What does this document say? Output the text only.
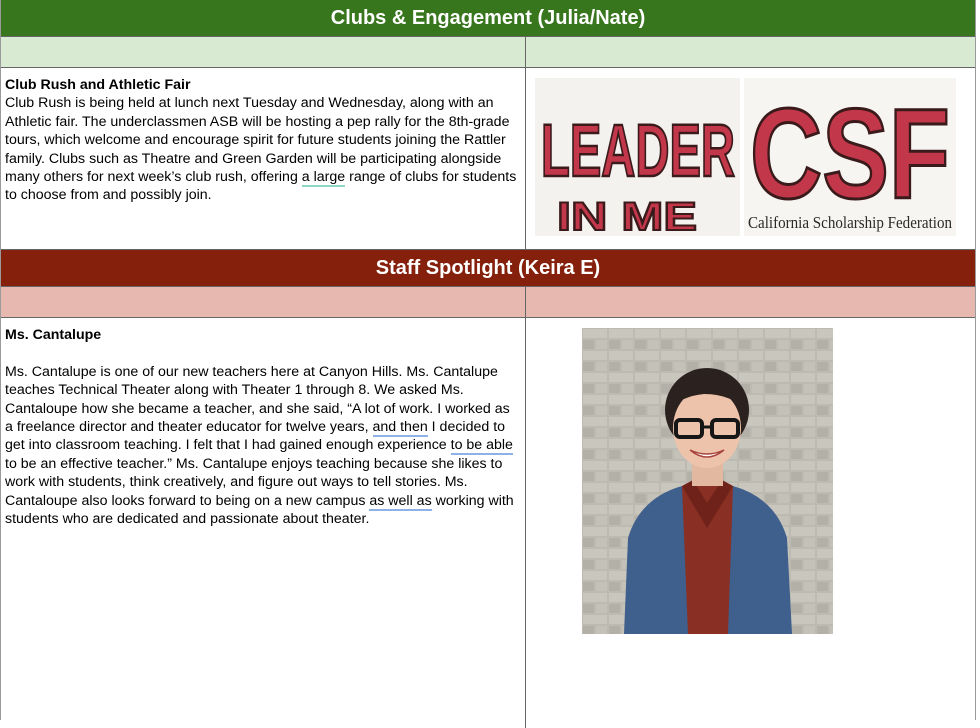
Clubs & Engagement (Julia/Nate)
Club Rush and Athletic Fair
Club Rush is being held at lunch next Tuesday and Wednesday, along with an Athletic fair. The underclassmen ASB will be hosting a pep rally for the 8th-grade tours, which welcome and encourage spirit for future students joining the Rattler family. Clubs such as Theatre and Green Garden will be participating alongside many others for next week’s club rush, offering a large range of clubs for students to choose from and possibly join.
LEADER
IN ME CSF
California Scholarship Federation
Staff Spotlight (Keira E)
Ms. Cantalupe
Ms. Cantalupe is one of our new teachers here at Canyon Hills. Ms. Cantalupe teaches Technical Theater along with Theater 1 through 8. We asked Ms. Cantaloupe how she became a teacher, and she said, “A lot of work. I worked as a freelance director and theater educator for twelve years, and then I decided to get into classroom teaching. I felt that I had gained enough experience to be able to be an effective teacher.” Ms. Cantalupe enjoys teaching because she likes to work with students, think creatively, and figure out ways to tell stories. Ms. Cantaloupe also looks forward to being on a new campus as well as working with students who are dedicated and passionate about theater.
